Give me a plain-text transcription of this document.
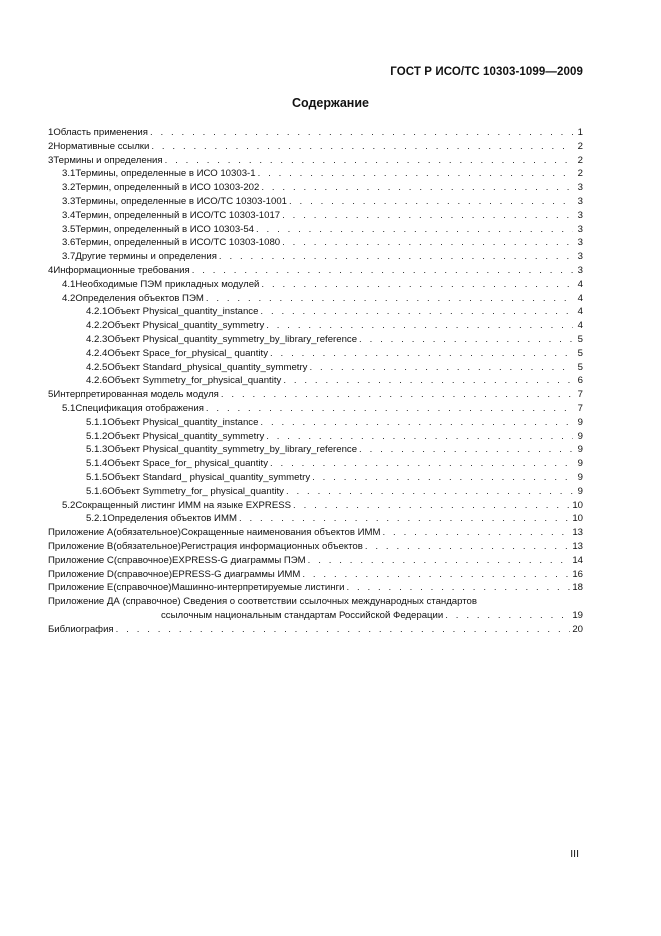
ГОСТ Р ИСО/ТС 10303-1099—2009
Содержание
1 Область применения . . .	1
2 Нормативные ссылки . . .	2
3 Термины и определения . . .	2
3.1 Термины, определенные в ИСО 10303-1 . . .	2
3.2 Термин, определенный в ИСО 10303-202 . . .	3
3.3 Термины, определенные в ИСО/ТС 10303-1001 . . .	3
3.4 Термин, определенный в ИСО/ТС 10303-1017 . . .	3
3.5 Термин, определенный в ИСО 10303-54 . . .	3
3.6 Термин, определенный в ИСО/ТС 10303-1080 . . .	3
3.7 Другие термины и определения . . .	3
4 Информационные требования . . .	3
4.1 Необходимые ПЭМ прикладных модулей . . .	4
4.2 Определения объектов ПЭМ . . .	4
4.2.1 Объект Physical_quantity_instance . . .	4
4.2.2 Объект Physical_quantity_symmetry . . .	4
4.2.3 Объект Physical_quantity_symmetry_by_library_reference . . .	5
4.2.4 Объект Space_for_physical_ quantity . . .	5
4.2.5 Объект Standard_physical_quantity_symmetry . . .	5
4.2.6 Объект Symmetry_for_physical_quantity . . .	6
5 Интерпретированная модель модуля . . .	7
5.1 Спецификация отображения . . .	7
5.1.1 Объект Physical_quantity_instance . . .	9
5.1.2 Объект Physical_quantity_symmetry . . .	9
5.1.3 Объект Physical_quantity_symmetry_by_library_reference . . .	9
5.1.4 Объект Space_for_ physical_quantity . . .	9
5.1.5 Объект Standard_ physical_quantity_symmetry . . .	9
5.1.6 Объект Symmetry_for_ physical_quantity . . .	9
5.2 Сокращенный листинг ИММ на языке EXPRESS . . .	10
5.2.1 Определения объектов ИММ . . .	10
Приложение А (обязательное) Сокращенные наименования объектов ИММ . . .	13
Приложение В (обязательное) Регистрация информационных объектов . . .	13
Приложение С (справочное) EXPRESS-G диаграммы ПЭМ . . .	14
Приложение D (справочное) EPRESS-G диаграммы ИММ . . .	16
Приложение Е (справочное) Машинно-интерпретируемые листинги . . .	18
Приложение ДА (справочное) Сведения о соответствии ссылочных международных стандартов
ссылочным национальным стандартам Российской Федерации . . .	19
Библиография . . .	20
III
